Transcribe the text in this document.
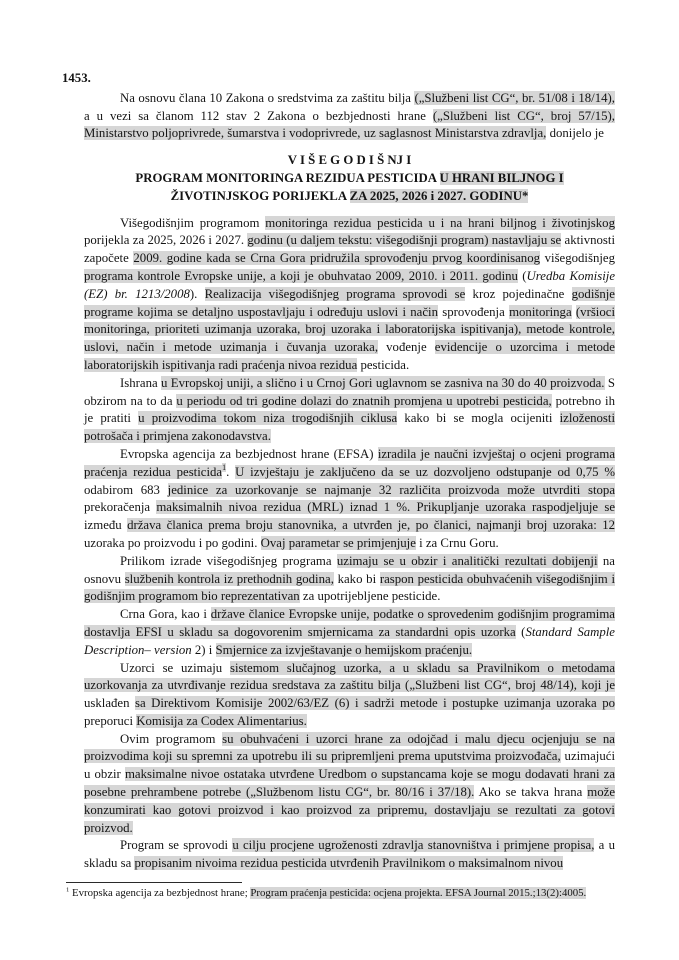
1453.

Na osnovu člana 10 Zakona o sredstvima za zaštitu bilja („Službeni list CG“, br. 51/08 i 18/14), a u vezi sa članom 112 stav 2 Zakona o bezbjednosti hrane („Službeni list CG“, broj 57/15), Ministarstvo poljoprivrede, šumarstva i vodoprivrede, uz saglasnost Ministarstva zdravlja, donijelo je

V I Š E G O D I Š NJ I
PROGRAM MONITORINGA REZIDUA PESTICIDA U HRANI BILJNOG I
ŽIVOTINJSKOG PORIJEKLA ZA 2025, 2026 i 2027. GODINU*

Višegodišnjim programom monitoringa rezidua pesticida u i na hrani biljnog i životinjskog porijekla za 2025, 2026 i 2027. godinu (u daljem tekstu: višegodišnji program) nastavljaju se aktivnosti započete 2009. godine kada se Crna Gora pridružila sprovođenju prvog koordinisanog višegodišnjeg programa kontrole Evropske unije, a koji je obuhvatao 2009, 2010. i 2011. godinu (Uredba Komisije (EZ) br. 1213/2008). Realizacija višegodišnjeg programa sprovodi se kroz pojedinačne godišnje programe kojima se detaljno uspostavljaju i određuju uslovi i način sprovođenja monitoringa (vršioci monitoringa, prioriteti uzimanja uzoraka, broj uzoraka i laboratorijska ispitivanja), metode kontrole, uslovi, način i metode uzimanja i čuvanja uzoraka, vođenje evidencije o uzorcima i metode laboratorijskih ispitivanja radi praćenja nivoa rezidua pesticida.

Ishrana u Evropskoj uniji, a slično i u Crnoj Gori uglavnom se zasniva na 30 do 40 proizvoda. S obzirom na to da u periodu od tri godine dolazi do znatnih promjena u upotrebi pesticida, potrebno ih je pratiti u proizvodima tokom niza trogodišnjih ciklusa kako bi se mogla ocijeniti izloženosti potrošača i primjena zakonodavstva.

Evropska agencija za bezbjednost hrane (EFSA) izradila je naučni izvještaj o ocjeni programa praćenja rezidua pesticida$^1$. U izvještaju je zaključeno da se uz dozvoljeno odstupanje od 0,75 % odabirom 683 jedinice za uzorkovanje se najmanje 32 različita proizvoda može utvrditi stopa prekoračenja maksimalnih nivoa rezidua (MRL) iznad 1 %. Prikupljanje uzoraka raspodjeljuje se između država članica prema broju stanovnika, a utvrđen je, po članici, najmanji broj uzoraka: 12 uzoraka po proizvodu i po godini. Ovaj parametar se primjenjuje i za Crnu Goru.

Prilikom izrade višegodišnjeg programa uzimaju se u obzir i analitički rezultati dobijenji na osnovu službenih kontrola iz prethodnih godina, kako bi raspon pesticida obuhvaćenih višegodišnjim i godišnjim programom bio reprezentativan za upotrijebljene pesticide.

Crna Gora, kao i države članice Evropske unije, podatke o sprovedenim godišnjim programima dostavlja EFSI u skladu sa dogovorenim smjernicama za standardni opis uzorka (Standard Sample Description– version 2) i Smjernice za izvještavanje o hemijskom praćenju.

Uzorci se uzimaju sistemom slučajnog uzorka, a u skladu sa Pravilnikom o metodama uzorkovanja za utvrđivanje rezidua sredstava za zaštitu bilja („Službeni list CG“, broj 48/14), koji je usklađen sa Direktivom Komisije 2002/63/EZ (6) i sadrži metode i postupke uzimanja uzoraka po preporuci Komisija za Codex Alimentarius.

Ovim programom su obuhvaćeni i uzorci hrane za odojčad i malu djecu ocjenjuju se na proizvodima koji su spremni za upotrebu ili su pripremljeni prema uputstvima proizvođača, uzimajući u obzir maksimalne nivoe ostataka utvrđene Uredbom o supstancama koje se mogu dodavati hrani za posebne prehrambene potrebe („Službenom listu CG“, br. 80/16 i 37/18). Ako se takva hrana može konzumirati kao gotovi proizvod i kao proizvod za pripremu, dostavljaju se rezultati za gotovi proizvod.

Program se sprovodi u cilju procjene ugroženosti zdravlja stanovništva i primjene propisa, a u skladu sa propisanim nivoima rezidua pesticida utvrđenih Pravilnikom o maksimalnom nivou

$^1$ Evropska agencija za bezbjednost hrane; Program praćenja pesticida: ocjena projekta. EFSA Journal 2015.;13(2):4005.
